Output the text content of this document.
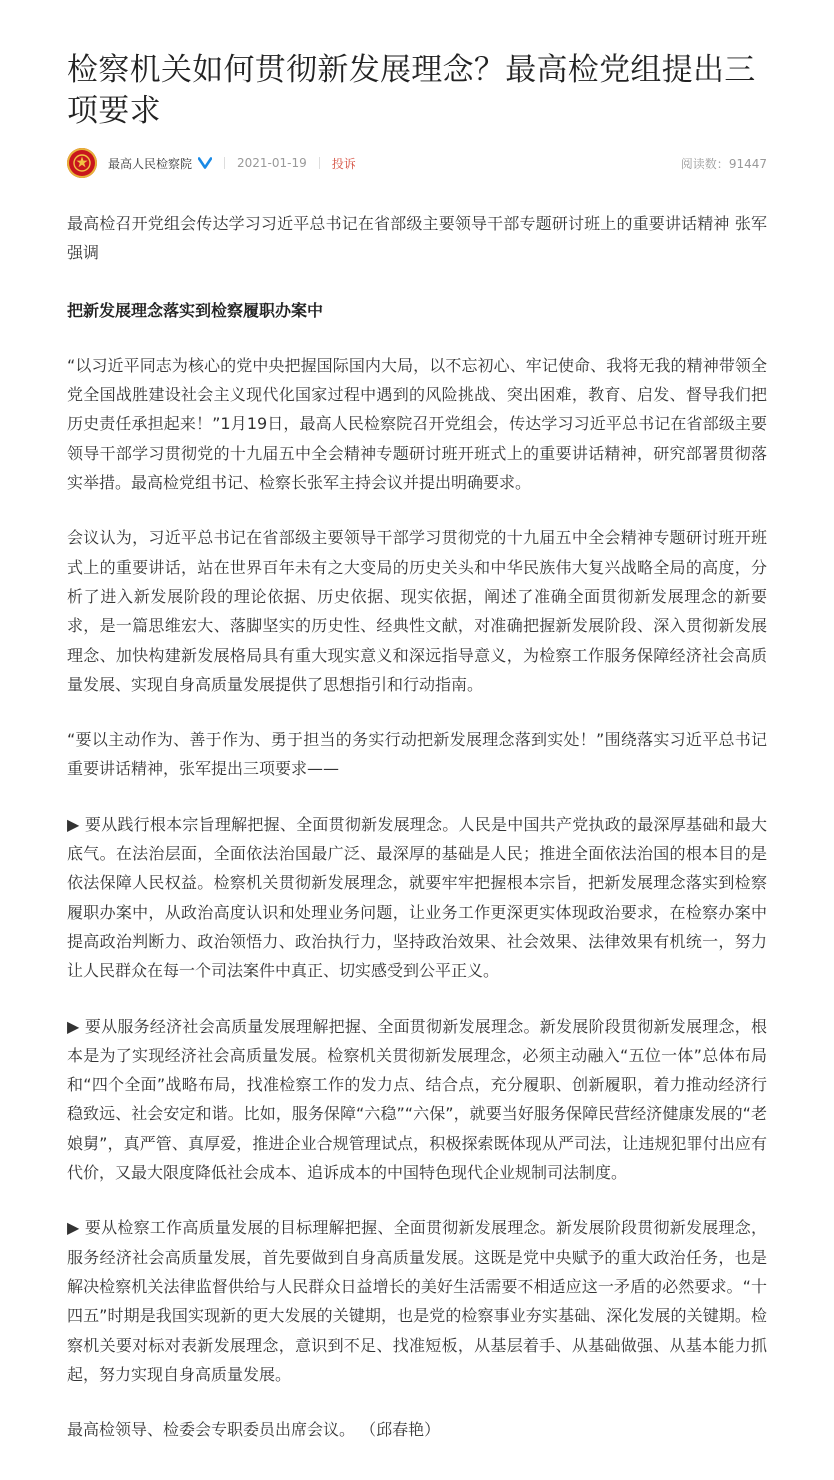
检察机关如何贯彻新发展理念？最高检党组提出三项要求
最高人民检察院	2021-01-19 投诉	阅读数：91447

最高检召开党组会传达学习习近平总书记在省部级主要领导干部专题研讨班上的重要讲话精神 张军强调

把新发展理念落实到检察履职办案中

“以习近平同志为核心的党中央把握国际国内大局，以不忘初心、牢记使命、我将无我的精神带领全党全国战胜建设社会主义现代化国家过程中遇到的风险挑战、突出困难，教育、启发、督导我们把历史责任承担起来！”1月19日，最高人民检察院召开党组会，传达学习习近平总书记在省部级主要领导干部学习贯彻党的十九届五中全会精神专题研讨班开班式上的重要讲话精神，研究部署贯彻落实举措。最高检党组书记、检察长张军主持会议并提出明确要求。

会议认为，习近平总书记在省部级主要领导干部学习贯彻党的十九届五中全会精神专题研讨班开班式上的重要讲话，站在世界百年未有之大变局的历史关头和中华民族伟大复兴战略全局的高度，分析了进入新发展阶段的理论依据、历史依据、现实依据，阐述了准确全面贯彻新发展理念的新要求，是一篇思维宏大、落脚坚实的历史性、经典性文献，对准确把握新发展阶段、深入贯彻新发展理念、加快构建新发展格局具有重大现实意义和深远指导意义，为检察工作服务保障经济社会高质量发展、实现自身高质量发展提供了思想指引和行动指南。

“要以主动作为、善于作为、勇于担当的务实行动把新发展理念落到实处！”围绕落实习近平总书记重要讲话精神，张军提出三项要求——

▶ 要从践行根本宗旨理解把握、全面贯彻新发展理念。人民是中国共产党执政的最深厚基础和最大底气。在法治层面，全面依法治国最广泛、最深厚的基础是人民；推进全面依法治国的根本目的是依法保障人民权益。检察机关贯彻新发展理念，就要牢牢把握根本宗旨，把新发展理念落实到检察履职办案中，从政治高度认识和处理业务问题，让业务工作更深更实体现政治要求，在检察办案中提高政治判断力、政治领悟力、政治执行力，坚持政治效果、社会效果、法律效果有机统一，努力让人民群众在每一个司法案件中真正、切实感受到公平正义。

▶ 要从服务经济社会高质量发展理解把握、全面贯彻新发展理念。新发展阶段贯彻新发展理念，根本是为了实现经济社会高质量发展。检察机关贯彻新发展理念，必须主动融入“五位一体”总体布局和“四个全面”战略布局，找准检察工作的发力点、结合点，充分履职、创新履职，着力推动经济行稳致远、社会安定和谐。比如，服务保障“六稳”“六保”，就要当好服务保障民营经济健康发展的“老娘舅”，真严管、真厚爱，推进企业合规管理试点，积极探索既体现从严司法，让违规犯罪付出应有代价，又最大限度降低社会成本、追诉成本的中国特色现代企业规制司法制度。

▶ 要从检察工作高质量发展的目标理解把握、全面贯彻新发展理念。新发展阶段贯彻新发展理念，服务经济社会高质量发展，首先要做到自身高质量发展。这既是党中央赋予的重大政治任务，也是解决检察机关法律监督供给与人民群众日益增长的美好生活需要不相适应这一矛盾的必然要求。“十四五”时期是我国实现新的更大发展的关键期，也是党的检察事业夯实基础、深化发展的关键期。检察机关要对标对表新发展理念，意识到不足、找准短板，从基层着手、从基础做强、从基本能力抓起，努力实现自身高质量发展。

最高检领导、检委会专职委员出席会议。 （邱春艳）
